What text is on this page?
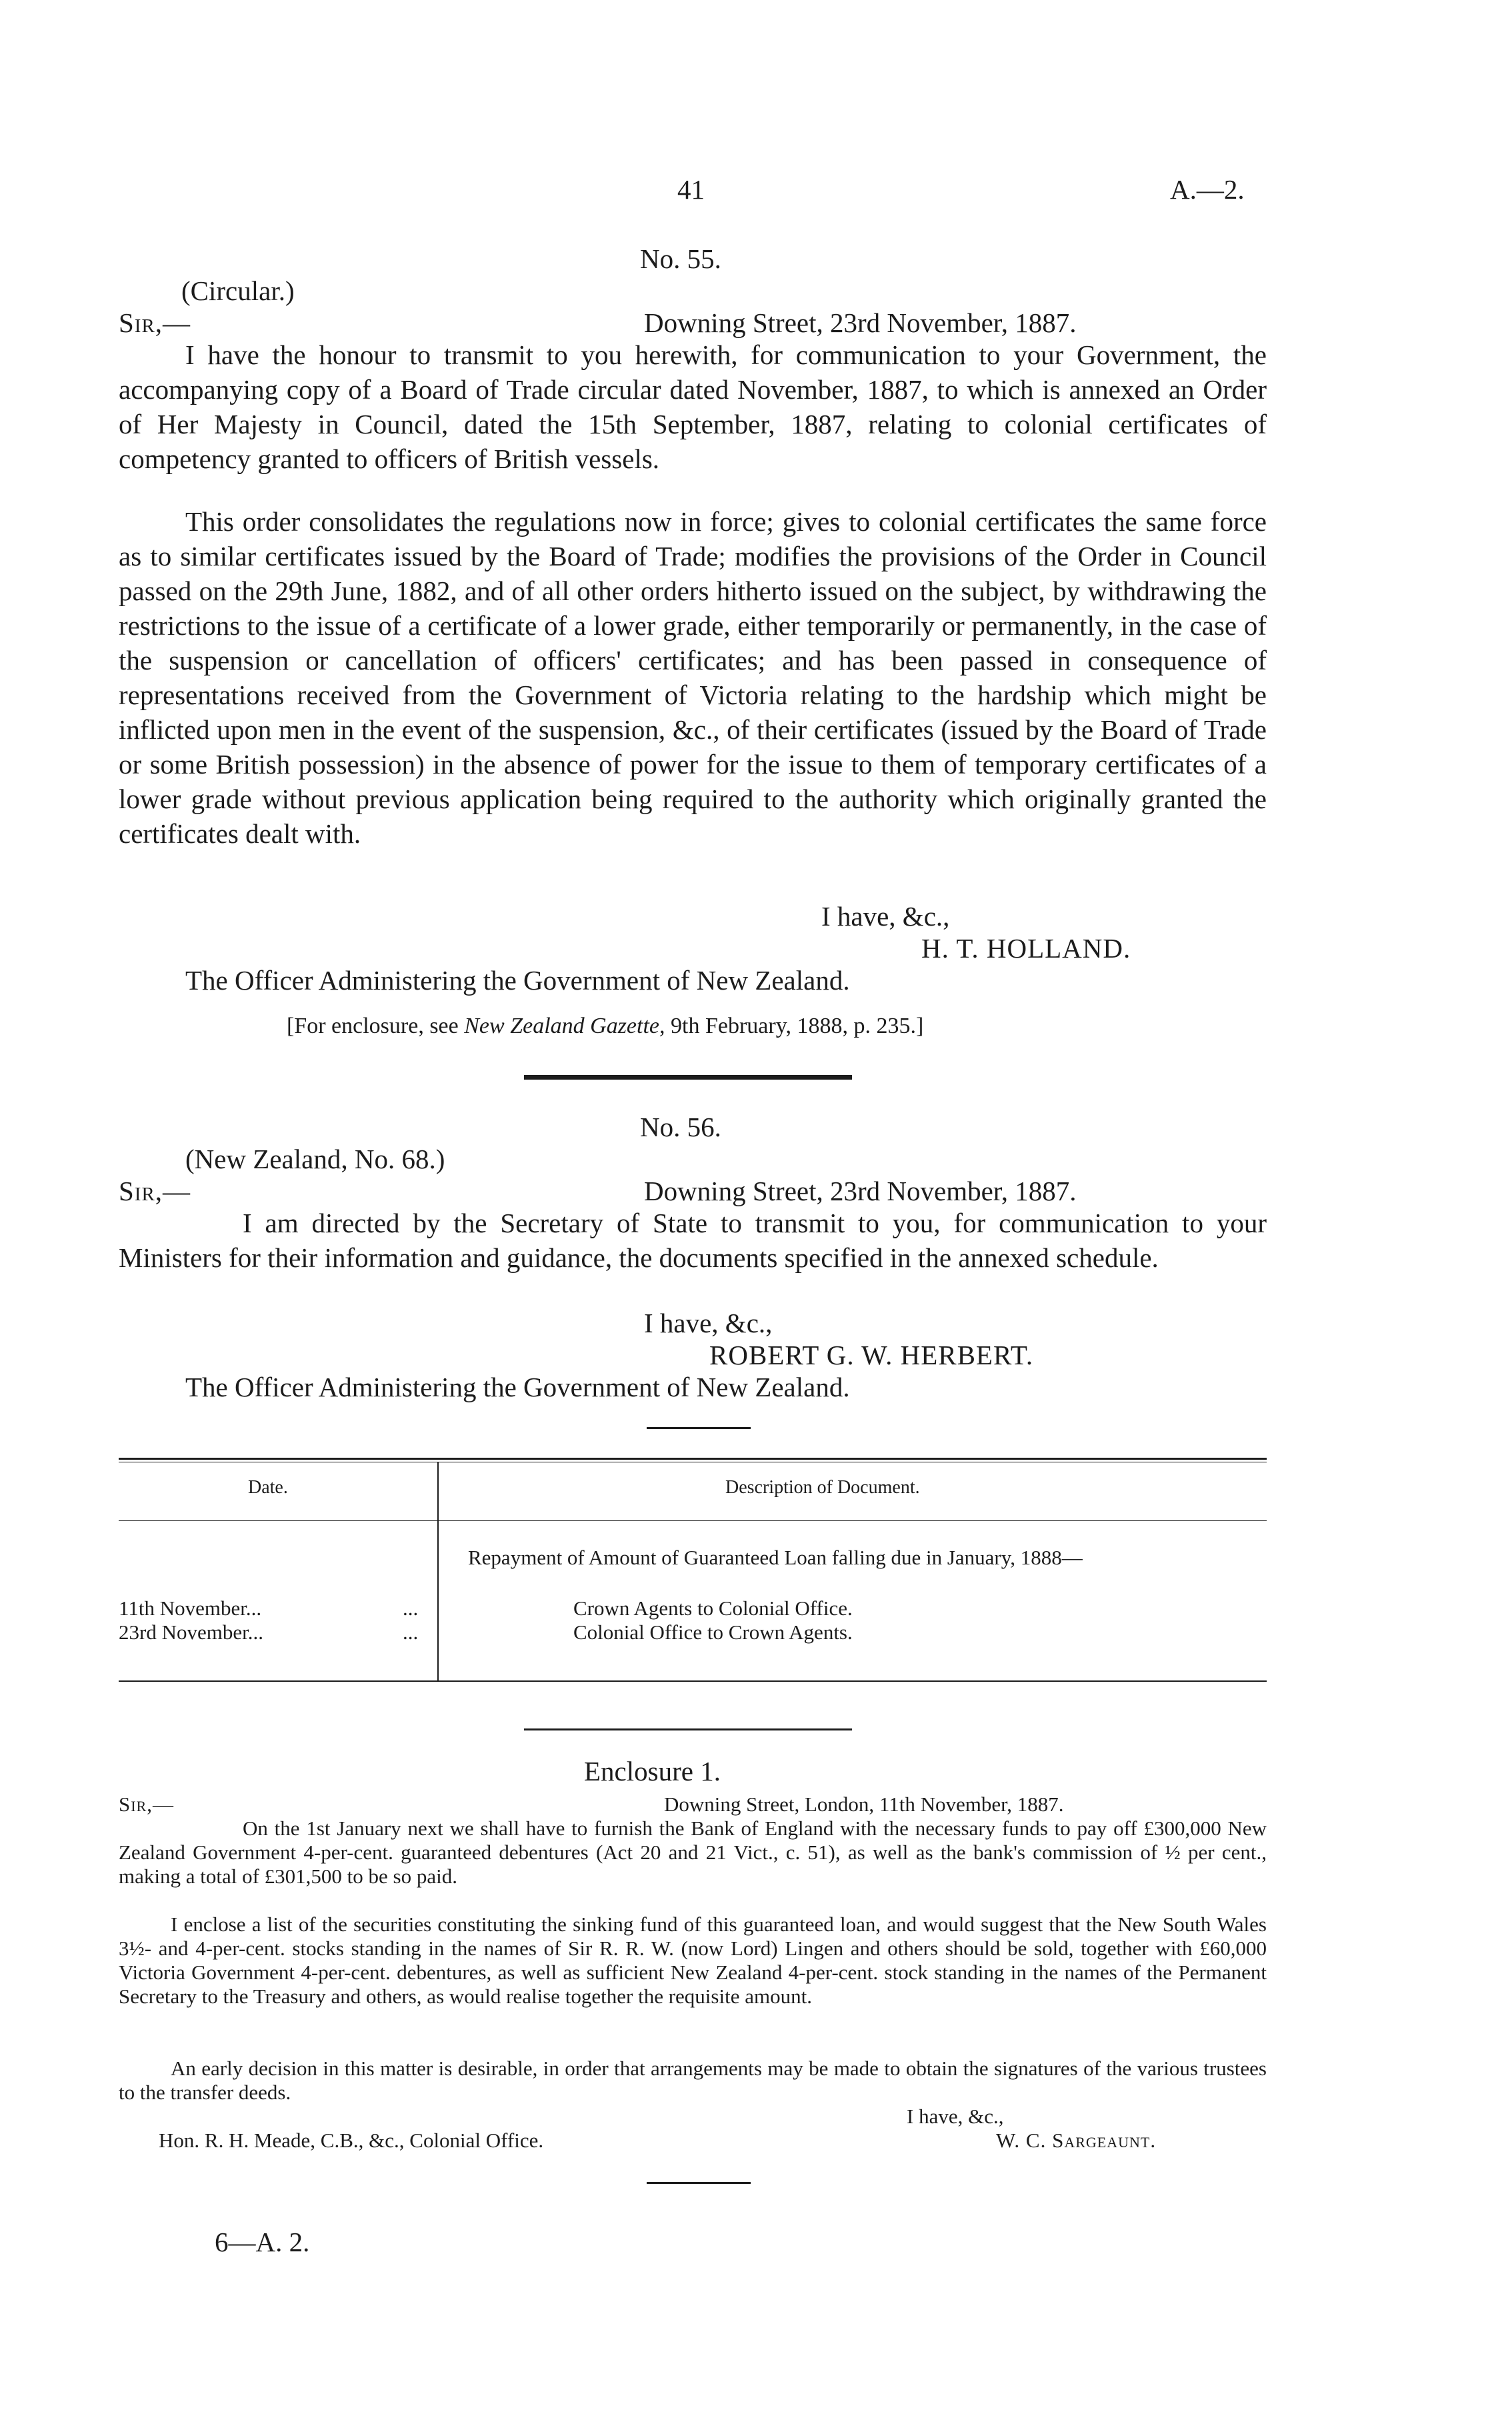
41	A.—2.
No. 55.
(Circular.)
Sir,—	Downing Street, 23rd November, 1887.

I have the honour to transmit to you herewith, for communication to your Government, the accompanying copy of a Board of Trade circular dated November, 1887, to which is annexed an Order of Her Majesty in Council, dated the 15th September, 1887, relating to colonial certificates of competency granted to officers of British vessels.

This order consolidates the regulations now in force; gives to colonial certificates the same force as to similar certificates issued by the Board of Trade; modifies the provisions of the Order in Council passed on the 29th June, 1882, and of all other orders hitherto issued on the subject, by withdrawing the restrictions to the issue of a certificate of a lower grade, either temporarily or permanently, in the case of the suspension or cancellation of officers' certificates; and has been passed in consequence of representations received from the Government of Victoria relating to the hardship which might be inflicted upon men in the event of the suspension, &c., of their certificates (issued by the Board of Trade or some British possession) in the absence of power for the issue to them of temporary certificates of a lower grade without previous application being required to the authority which originally granted the certificates dealt with.

I have, &c.,
H. T. HOLLAND.
The Officer Administering the Government of New Zealand.
[For enclosure, see New Zealand Gazette, 9th February, 1888, p. 235.]
No. 56.
(New Zealand, No. 68.)
Sir,—	Downing Street, 23rd November, 1887.

I am directed by the Secretary of State to transmit to you, for communication to your Ministers for their information and guidance, the documents specified in the annexed schedule.

I have, &c.,
ROBERT G. W. HERBERT.
The Officer Administering the Government of New Zealand.
Date.	Description of Document.

Repayment of Amount of Guaranteed Loan falling due in January, 1888—

11th November...	...	Crown Agents to Colonial Office.
23rd November...	...	Colonial Office to Crown Agents.
Enclosure 1.
Sir,—	Downing Street, London, 11th November, 1887.

On the 1st January next we shall have to furnish the Bank of England with the necessary funds to pay off £300,000 New Zealand Government 4-per-cent. guaranteed debentures (Act 20 and 21 Vict., c. 51), as well as the bank's commission of ½ per cent., making a total of £301,500 to be so paid.

I enclose a list of the securities constituting the sinking fund of this guaranteed loan, and would suggest that the New South Wales 3½- and 4-per-cent. stocks standing in the names of Sir R. R. W. (now Lord) Lingen and others should be sold, together with £60,000 Victoria Government 4-per-cent. debentures, as well as sufficient New Zealand 4-per-cent. stock standing in the names of the Permanent Secretary to the Treasury and others, as would realise together the requisite amount.

An early decision in this matter is desirable, in order that arrangements may be made to obtain the signatures of the various trustees to the transfer deeds.

I have, &c.,
Hon. R. H. Meade, C.B., &c., Colonial Office.	W. C. Sargeaunt.
6—A. 2.
